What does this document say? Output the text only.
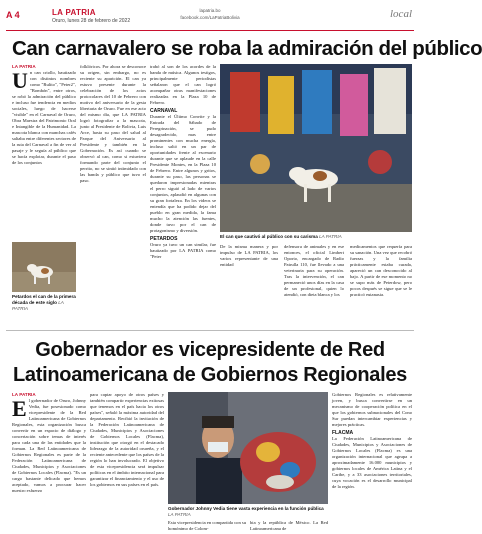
A 4	LA PATRIA
Oruro, lunes 28 de febrero de 2022
lapatria.bo
facebook.com/LaPatriaBolivia	local
Can carnavalero se roba la admiración del público
LA PATRIA

U n can criollo, bautizado con distintos nombres como "Rulito", "Peter2", "Bombón", entre otros, se robó la admiración del público e incluso fue tendencia en medios sociales, luego de hacerse "visible" en el Carnaval de Oruro, Obra Maestra del Patrimonio Oral e Intangible de la Humanidad. La mascota blanca con manchas cafés saltaba entre diferentes sectores de la ruta del Carnaval a fin de ver al pasaje y le seguía al público que se hacía explotar, durante el paso de los conjuntos
Petardos el can de la primera década de este siglo LA PATRIA
folklóricos. Por ahora se desconoce su origen, sin embargo, no es reciente su aparición. El can ya estuvo presente durante la celebración de los actos protocolares del 10 de Febrero con motivo del aniversario de la gesta libertaria de Oruro. Fue en ese acto del mismo día, que LA PATRIA logró fotografiar a la mascota, junto al Presidente de Bolivia, Luis Arce, hasta su paso del salud al Parque del Aniversario al Presidente y también en la Gobernación. Es así cuando se observó al can, como si estuviera formando parte del conjunto el perrito, no se sintió intimidado con las banda y público que tuvo el paso.
trabó al son de los acordes de la banda de música. Algunos testigos, principalmente periodistas señalaron que el can logró acompañar otras manifestaciones realizadas en la Plaza 10 de Febrero.
CARNAVAL
Durante el Último Convite y la Entrada del Sábado de Peregrinación, se pudo desagradecido, mas entre prominentes con mucha energía, incluso saltó en un par de oportunidades frente al escenario durante que se aplaude en la calle Presidente Montes, en la Plaza 10 de Febrero. Entre algunos y gritos, durante su paso, las personas se quedaron impresionadas mientras el perro siguió al lado de varios conjuntos, aplaudió en algunas con su gran fortaleza. En los videos se entendía que ha podido dejar del pueblo en gran medida, la fama mucho la atención las fuentes, donde tuvo por el can de protagonismo y diversión.
PETARDOS
Oruro ya tuvo un can similar, fue bautizado por LA PATRIA como "Peter
El can que cautivó al público con su carisma LA PATRIA
De la misma manera y por impulso de LA PATRIA, los varios representante de una entidad
defensora de animales y en ese entonces, el oficial Limbert Oporto, encargado de Radio Patrulla 110, fue llevado a una veterinaria para su operación. Tras la intervención, el can permaneció unos días en la casa de un profesional, quien lo atendió, con dieta blanca y los
medicamentos que requería para su sanación. Una vez que recobró fuerzas y la familia prácticamente estaba curada, apareció un can desconocido al bajo. A partir de ese momento no se supo más de Peterdow, pero pocos después se sigue que se le practicó eutanasia.
Gobernador es vicepresidente de Red
Latinoamericana de Gobiernos Regionales
LA PATRIA

E l gobernador de Oruro, Johnny Vedia, fue posesionado como vicepresidente de la Red Latinoamericana de Gobiernos Regionales, esta organización busca convertir en un espacio de diálogo y concertación sobre temas de interés para cada una de las entidades que la forman. La Red Latinoamericana de Gobiernos Regionales es parte de la Federación Latinoamericana de Ciudades, Municipios y Asociaciones de Gobiernos Locales (Flacma). "Es un cargo bastante delicado que hemos aceptado, vamos a procurar hacer nuestro esfuerzo
para captar apoyo de otros países y también compartir experiencias exitosas que tenemos en el país hacia los otros países", señaló la máxima autoridad del departamento. Recibió la invitación de la Federación Latinoamericana de Ciudades, Municipios y Asociaciones de Gobiernos Locales (Flacma), institución que otorgó en el destacado liderazgo de la autoridad orureña, y el reciente antecedente que los países de la región lo han involucrado. El objetivo de esta vicepresidencia será impulsar políticas en el ámbito internacional para garantizar el financiamiento y el uso de los gobiernos en sus países en el país.
Gobernador Johnny Vedia tiene vasta experiencia en la función pública LA PATRIA
Esta vicepresidencia en compartida con su homónimo de Colom-
bia y la república de México. La Red Latinoamericana de
Gobiernos Regionales es relativamente joven, y busca convertirse en un mecanismo de cooperación política en el que los gobiernos subnacionales del Cono Sur puedan intercambiar experiencias y mejores prácticas.
FLACMA
La Federación Latinoamericana de Ciudades, Municipios y Asociaciones de Gobiernos Locales (Flacma) es una organización internacional que agrupa a aproximadamente 16.000 municipios y gobiernos locales de América Latina y el Caribe, y a 33 asociaciones territoriales, cuya vocación es el desarrollo municipal de la región.
